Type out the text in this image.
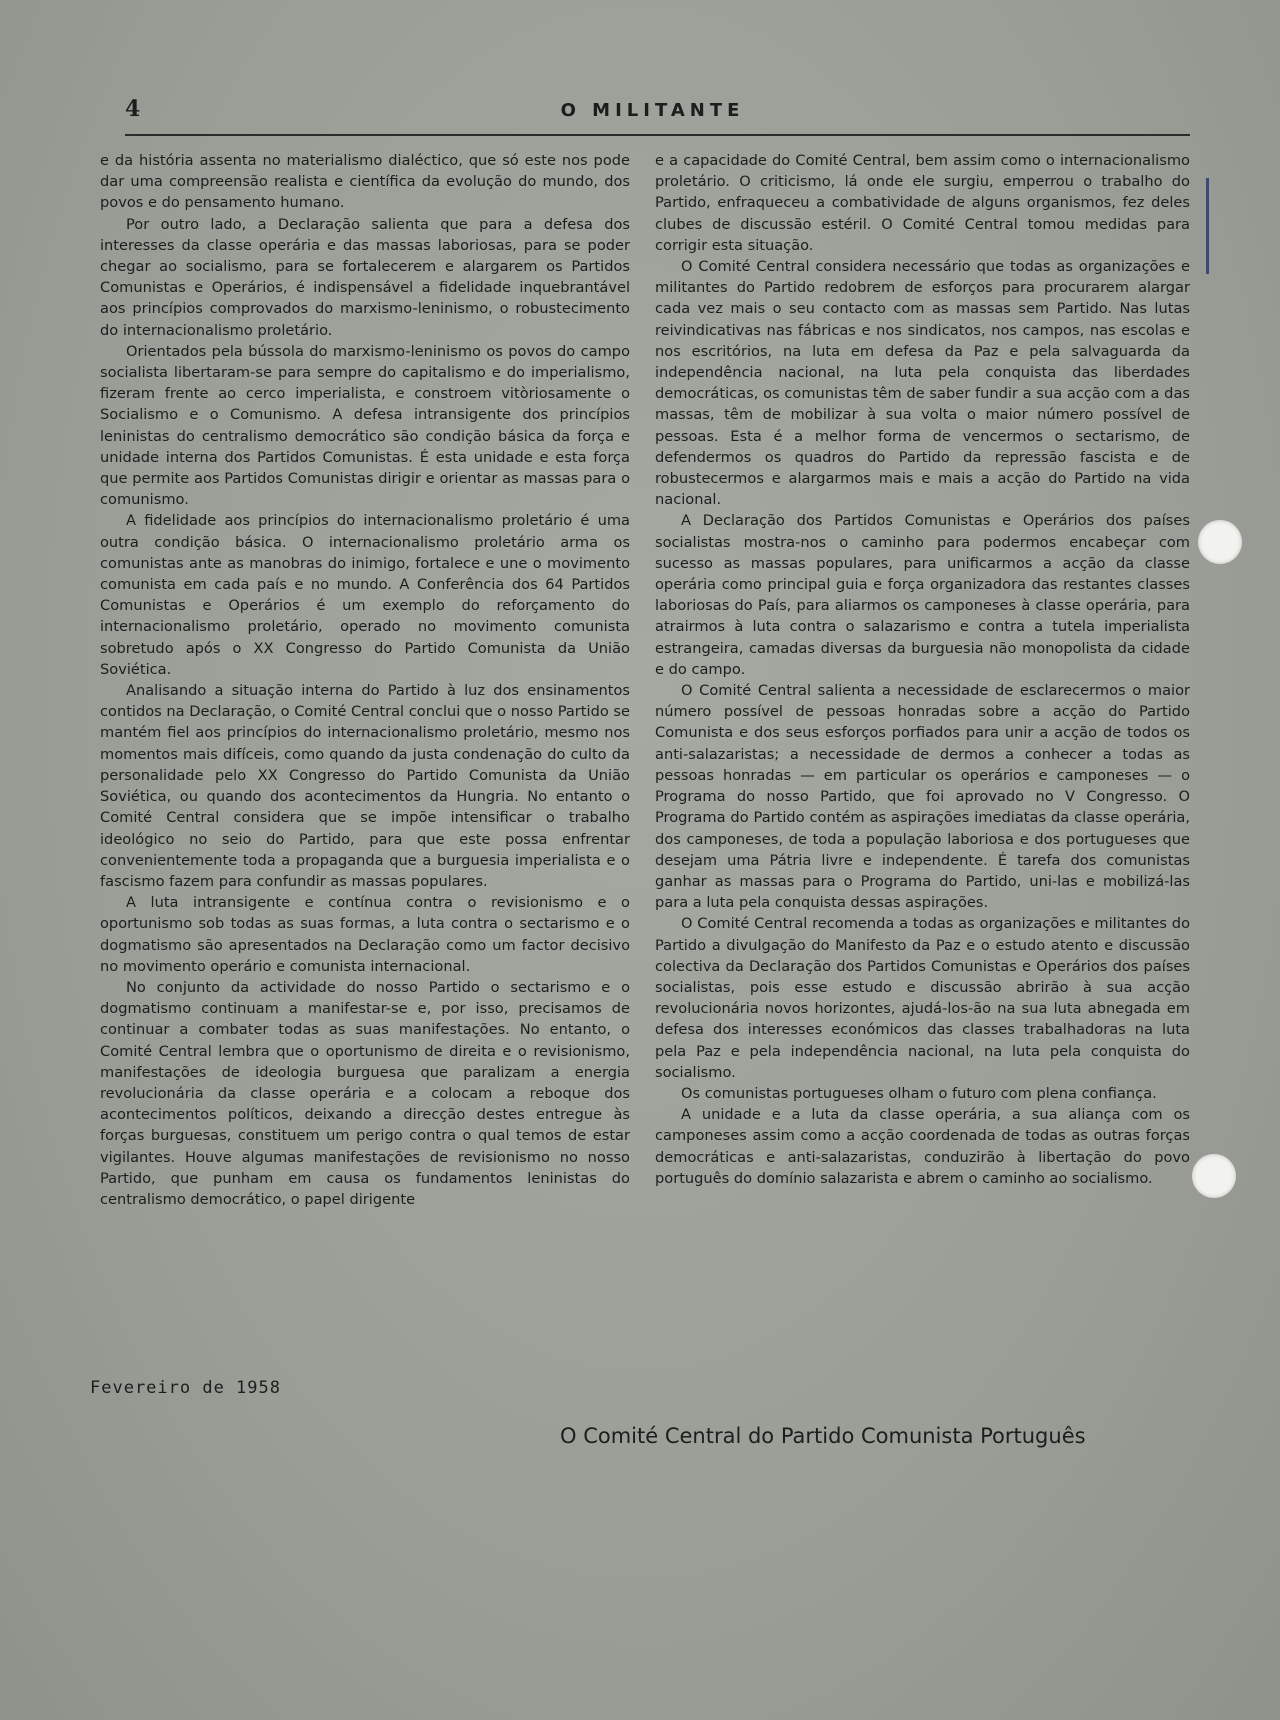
4	O MILITANTE

e da história assenta no materialismo dialéctico, que só este nos pode dar uma compreensão realista e científica da evolução do mundo, dos povos e do pensamento humano.

Por outro lado, a Declaração salienta que para a defesa dos interesses da classe operária e das massas laboriosas, para se poder chegar ao socialismo, para se fortalecerem e alargarem os Partidos Comunistas e Operários, é indispensável a fidelidade inquebrantável aos princípios comprovados do marxismo-leninismo, o robustecimento do internacionalismo proletário.

Orientados pela bússola do marxismo-leninismo os povos do campo socialista libertaram-se para sempre do capitalismo e do imperialismo, fizeram frente ao cerco imperialista, e constroem vitòriosamente o Socialismo e o Comunismo. A defesa intransigente dos princípios leninistas do centralismo democrático são condição básica da força e unidade interna dos Partidos Comunistas. É esta unidade e esta força que permite aos Partidos Comunistas dirigir e orientar as massas para o comunismo.

A fidelidade aos princípios do internacionalismo proletário é uma outra condição básica. O internacionalismo proletário arma os comunistas ante as manobras do inimigo, fortalece e une o movimento comunista em cada país e no mundo. A Conferência dos 64 Partidos Comunistas e Operários é um exemplo do reforçamento do internacionalismo proletário, operado no movimento comunista sobretudo após o XX Congresso do Partido Comunista da União Soviética.

Analisando a situação interna do Partido à luz dos ensinamentos contidos na Declaração, o Comité Central conclui que o nosso Partido se mantém fiel aos princípios do internacionalismo proletário, mesmo nos momentos mais difíceis, como quando da justa condenação do culto da personalidade pelo XX Congresso do Partido Comunista da União Soviética, ou quando dos acontecimentos da Hungria. No entanto o Comité Central considera que se impõe intensificar o trabalho ideológico no seio do Partido, para que este possa enfrentar convenientemente toda a propaganda que a burguesia imperialista e o fascismo fazem para confundir as massas populares.

A luta intransigente e contínua contra o revisionismo e o oportunismo sob todas as suas formas, a luta contra o sectarismo e o dogmatismo são apresentados na Declaração como um factor decisivo no movimento operário e comunista internacional.

No conjunto da actividade do nosso Partido o sectarismo e o dogmatismo continuam a manifestar-se e, por isso, precisamos de continuar a combater todas as suas manifestações. No entanto, o Comité Central lembra que o oportunismo de direita e o revisionismo, manifestações de ideologia burguesa que paralizam a energia revolucionária da classe operária e a colocam a reboque dos acontecimentos políticos, deixando a direcção destes entregue às forças burguesas, constituem um perigo contra o qual temos de estar vigilantes. Houve algumas manifestações de revisionismo no nosso Partido, que punham em causa os fundamentos leninistas do centralismo democrático, o papel dirigente

e a capacidade do Comité Central, bem assim como o internacionalismo proletário. O criticismo, lá onde ele surgiu, emperrou o trabalho do Partido, enfraqueceu a combatividade de alguns organismos, fez deles clubes de discussão estéril. O Comité Central tomou medidas para corrigir esta situação.

O Comité Central considera necessário que todas as organizações e militantes do Partido redobrem de esforços para procurarem alargar cada vez mais o seu contacto com as massas sem Partido. Nas lutas reivindicativas nas fábricas e nos sindicatos, nos campos, nas escolas e nos escritórios, na luta em defesa da Paz e pela salvaguarda da independência nacional, na luta pela conquista das liberdades democráticas, os comunistas têm de saber fundir a sua acção com a das massas, têm de mobilizar à sua volta o maior número possível de pessoas. Esta é a melhor forma de vencermos o sectarismo, de defendermos os quadros do Partido da repressão fascista e de robustecermos e alargarmos mais e mais a acção do Partido na vida nacional.

A Declaração dos Partidos Comunistas e Operários dos países socialistas mostra-nos o caminho para podermos encabeçar com sucesso as massas populares, para unificarmos a acção da classe operária como principal guia e força organizadora das restantes classes laboriosas do País, para aliarmos os camponeses à classe operária, para atrairmos à luta contra o salazarismo e contra a tutela imperialista estrangeira, camadas diversas da burguesia não monopolista da cidade e do campo.

O Comité Central salienta a necessidade de esclarecermos o maior número possível de pessoas honradas sobre a acção do Partido Comunista e dos seus esforços porfiados para unir a acção de todos os anti-salazaristas; a necessidade de dermos a conhecer a todas as pessoas honradas — em particular os operários e camponeses — o Programa do nosso Partido, que foi aprovado no V Congresso. O Programa do Partido contém as aspirações imediatas da classe operária, dos camponeses, de toda a população laboriosa e dos portugueses que desejam uma Pátria livre e independente. É tarefa dos comunistas ganhar as massas para o Programa do Partido, uni-las e mobilizá-las para a luta pela conquista dessas aspirações.

O Comité Central recomenda a todas as organizações e militantes do Partido a divulgação do Manifesto da Paz e o estudo atento e discussão colectiva da Declaração dos Partidos Comunistas e Operários dos países socialistas, pois esse estudo e discussão abrirão à sua acção revolucionária novos horizontes, ajudá-los-ão na sua luta abnegada em defesa dos interesses económicos das classes trabalhadoras na luta pela Paz e pela independência nacional, na luta pela conquista do socialismo.

Os comunistas portugueses olham o futuro com plena confiança.

A unidade e a luta da classe operária, a sua aliança com os camponeses assim como a acção coordenada de todas as outras forças democráticas e anti-salazaristas, conduzirão à libertação do povo português do domínio salazarista e abrem o caminho ao socialismo.

Fevereiro de 1958
O Comité Central do Partido Comunista Português
